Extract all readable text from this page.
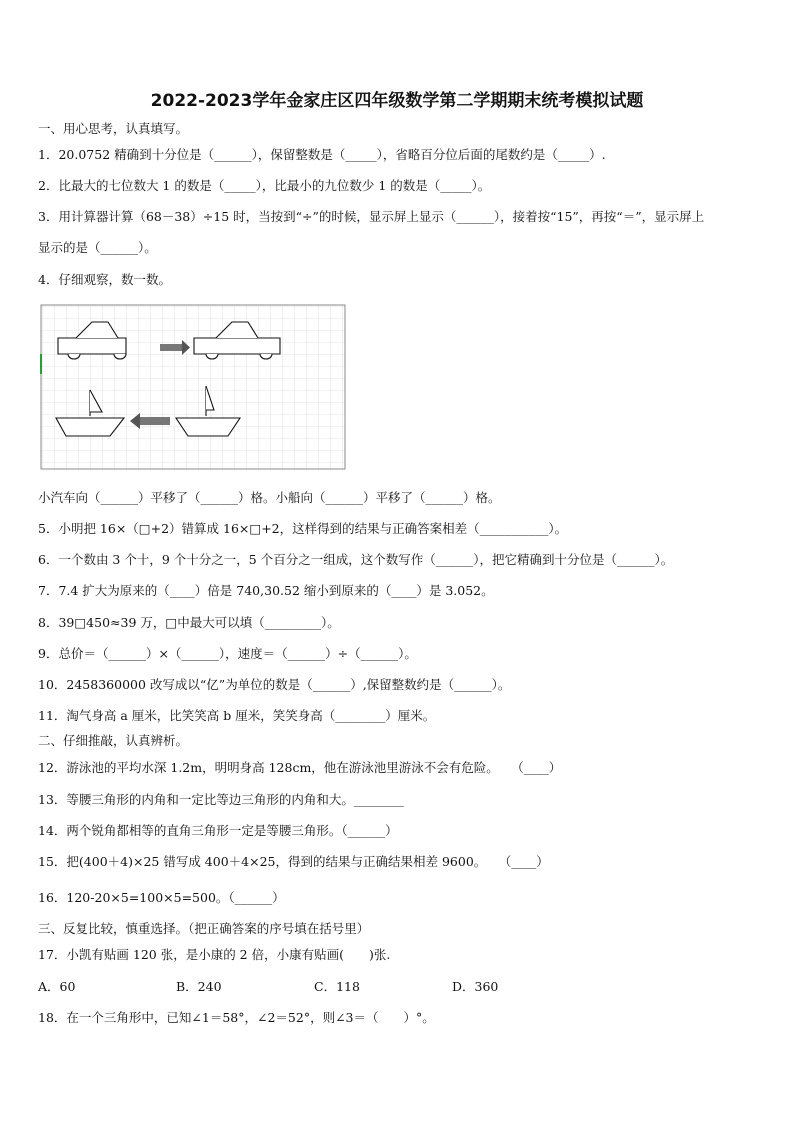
2022-2023学年金家庄区四年级数学第二学期期末统考模拟试题
一、用心思考，认真填写。
1．20.0752 精确到十分位是（______），保留整数是（_____），省略百分位后面的尾数约是（_____）.
2．比最大的七位数大 1 的数是（_____），比最小的九位数少 1 的数是（_____）。
3．用计算器计算（68－38）÷15 时，当按到“÷”的时候，显示屏上显示（______），接着按“15”，再按“＝”，显示屏上
显示的是（______）。
4．仔细观察，数一数。
小汽车向（______）平移了（______）格。小船向（______）平移了（______）格。
5．小明把 16×（□+2）错算成 16×□+2，这样得到的结果与正确答案相差（___________）。
6．一个数由 3 个十，9 个十分之一，5 个百分之一组成，这个数写作（______），把它精确到十分位是（______）。
7．7.4 扩大为原来的（____）倍是 740,30.52 缩小到原来的（____）是 3.052。
8．39□450≈39 万，□中最大可以填（_________）。
9．总价＝（______）×（______），速度＝（______）÷（______）。
10．2458360000 改写成以“亿”为单位的数是（______）,保留整数约是（______）。
11．淘气身高 a 厘米，比笑笑高 b 厘米，笑笑身高（________）厘米。
二、仔细推敲，认真辨析。
12．游泳池的平均水深 1.2m，明明身高 128cm，他在游泳池里游泳不会有危险。　　（____）
13．等腰三角形的内角和一定比等边三角形的内角和大。________
14．两个锐角都相等的直角三角形一定是等腰三角形。（______）
15．把(400＋4)×25 错写成 400＋4×25，得到的结果与正确结果相差 9600。　　（____）
16．120-20×5=100×5=500。（______）
三、反复比较，慎重选择。（把正确答案的序号填在括号里）
17．小凯有贴画 120 张，是小康的 2 倍，小康有贴画(　　)张.
A．60	B．240	C．118	D．360
18．在一个三角形中，已知∠1＝58°，∠2＝52°，则∠3＝（　　）°。
